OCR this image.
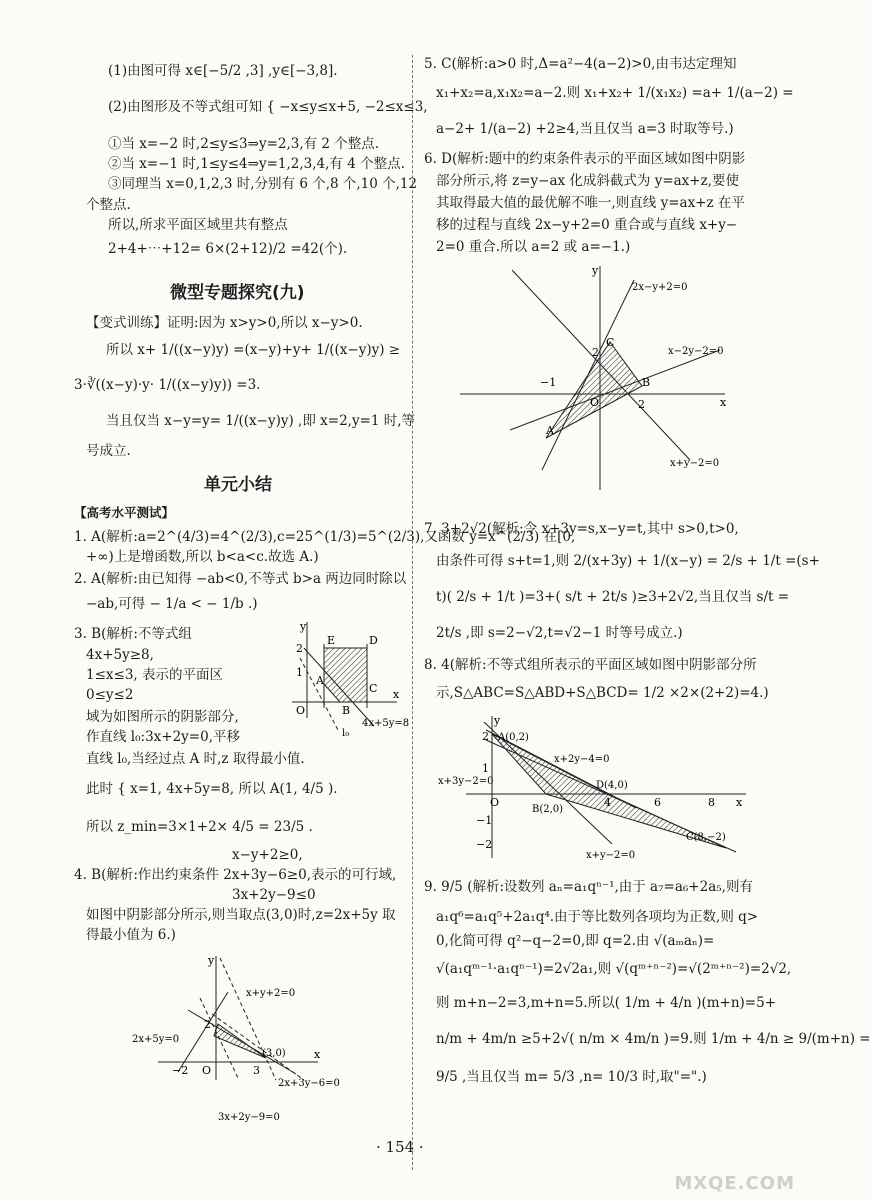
(1)由图可得 x∈[−5/2 ,3] ,y∈[−3,8].
(2)由图形及不等式组可知 { −x≤y≤x+5, −2≤x≤3,
①当 x=−2 时,2≤y≤3⇒y=2,3,有 2 个整点.
②当 x=−1 时,1≤y≤4⇒y=1,2,3,4,有 4 个整点.
③同理当 x=0,1,2,3 时,分别有 6 个,8 个,10 个,12
个整点.
所以,所求平面区域里共有整点
2+4+⋯+12= 6×(2+12)/2 =42(个).
微型专题探究(九)
【变式训练】证明:因为 x>y>0,所以 x−y>0.
所以 x+ 1/((x−y)y) =(x−y)+y+ 1/((x−y)y) ≥
3·∛((x−y)·y· 1/((x−y)y)) =3.
当且仅当 x−y=y= 1/((x−y)y) ,即 x=2,y=1 时,等
号成立.
单元小结
【高考水平测试】
1. A(解析:a=2^(4/3)=4^(2/3),c=25^(1/3)=5^(2/3),又函数 y=x^(2/3) 在[0,
+∞)上是增函数,所以 b<a<c.故选 A.)
2. A(解析:由已知得 −ab<0,不等式 b>a 两边同时除以
−ab,可得 − 1/a < − 1/b .)
3. B(解析:不等式组
4x+5y≥8,
1≤x≤3, 表示的平面区
0≤y≤2
域为如图所示的阴影部分,
作直线 l₀:3x+2y=0,平移
直线 l₀,当经过点 A 时,z 取得最小值.
此时 { x=1, 4x+5y=8, 所以 A(1, 4/5 ).
所以 z_min=3×1+2× 4/5 = 23/5 .
x−y+2≥0,
4. B(解析:作出约束条件 2x+3y−6≥0,表示的可行域,
3x+2y−9≤0
如图中阴影部分所示,则当取点(3,0)时,z=2x+5y 取
得最小值为 6.)
y
2
1
E	D
A
C
O	B
x
4x+5y=8
l₀
y
x+y+2=0
2
2x+5y=0
−2 O	3
(3,0)	x
2x+3y−6=0
3x+2y−9=0
5. C(解析:a>0 时,Δ=a²−4(a−2)>0,由韦达定理知
x₁+x₂=a,x₁x₂=a−2.则 x₁+x₂+ 1/(x₁x₂) =a+ 1/(a−2) =
a−2+ 1/(a−2) +2≥4,当且仅当 a=3 时取等号.)
6. D(解析:题中的约束条件表示的平面区域如图中阴影
部分所示,将 z=y−ax 化成斜截式为 y=ax+z,要使
其取得最大值的最优解不唯一,则直线 y=ax+z 在平
移的过程与直线 2x−y+2=0 重合或与直线 x+y−
2=0 重合.所以 a=2 或 a=−1.)
7. 3+2√2(解析:令 x+3y=s,x−y=t,其中 s>0,t>0,
由条件可得 s+t=1,则 2/(x+3y) + 1/(x−y) = 2/s + 1/t =(s+
t)( 2/s + 1/t )=3+( s/t + 2t/s )≥3+2√2,当且仅当 s/t =
2t/s ,即 s=2−√2,t=√2−1 时等号成立.)
8. 4(解析:不等式组所表示的平面区域如图中阴影部分所
示,S△ABC=S△ABD+S△BCD= 1/2 ×2×(2+2)=4.)
9. 9/5 (解析:设数列 aₙ=a₁qⁿ⁻¹,由于 a₇=a₆+2a₅,则有
a₁q⁶=a₁q⁵+2a₁q⁴.由于等比数列各项均为正数,则 q>
0,化简可得 q²−q−2=0,即 q=2.由 √(aₘaₙ)=
√(a₁qᵐ⁻¹·a₁qⁿ⁻¹)=2√2a₁,则 √(qᵐ⁺ⁿ⁻²)=√(2ᵐ⁺ⁿ⁻²)=2√2,
则 m+n−2=3,m+n=5.所以( 1/m + 4/n )(m+n)=5+
n/m + 4m/n ≥5+2√( n/m × 4m/n )=9.则 1/m + 4/n ≥ 9/(m+n) =
9/5 ,当且仅当 m= 5/3 ,n= 10/3 时,取"=".)
y
2x−y+2=0
C
x−2y−2=0
2
−1
O
B
2	x
A
x+y−2=0
y
2 A(0,2)
x+2y−4=0
x+3y−2=0
1
D(4,0)
O
B(2,0)
4	6	8 x
−1
−2
C(8,−2)
x+y−2=0
· 154 ·
MXQE.COM
